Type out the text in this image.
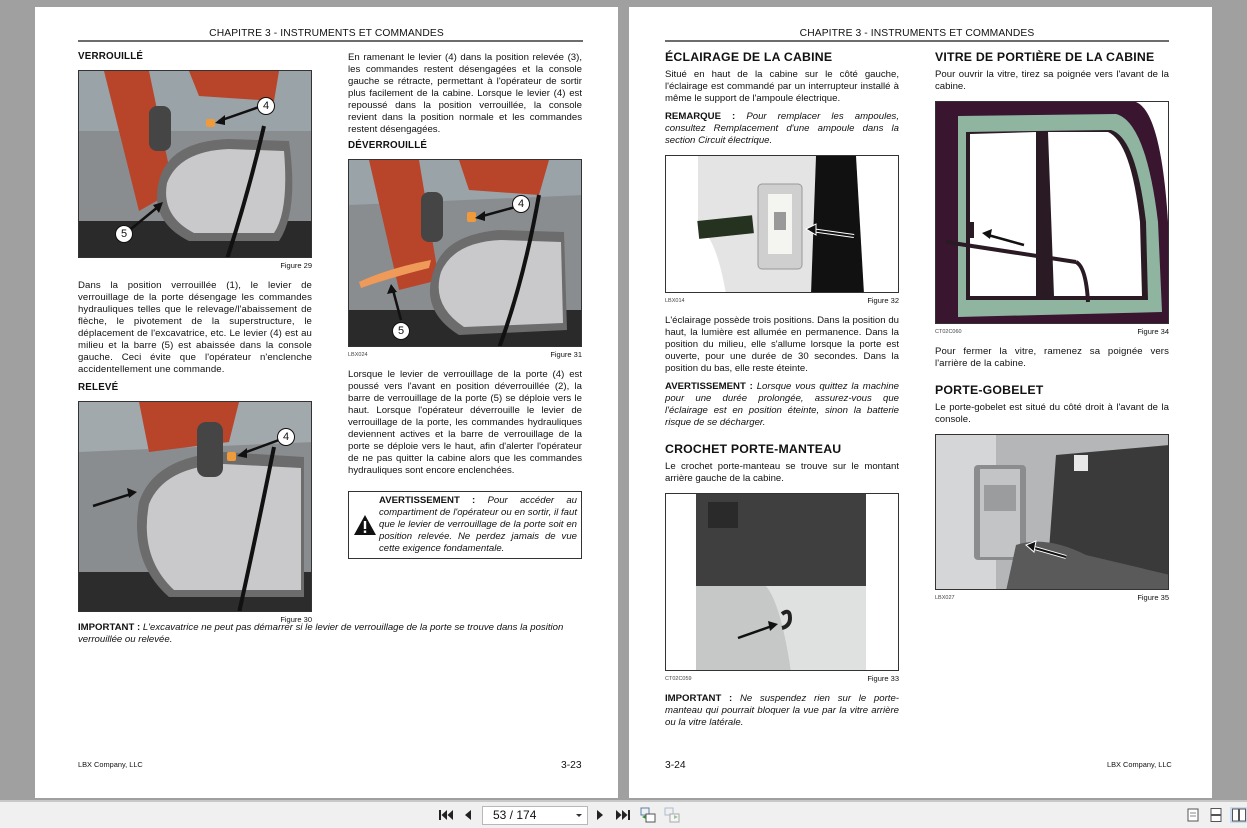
CHAPITRE 3 - INSTRUMENTS ET COMMANDES
VERROUILLÉ
4
5
Figure 29

Dans la position verrouillée (1), le levier de verrouillage de la porte désengage les commandes hydrauliques telles que le relevage/l'abaissement de flèche, le pivotement de la superstructure, le déplacement de l'excavatrice, etc. Le levier (4) est au milieu et la barre (5) est abaissée dans la console gauche. Ceci évite que l'opérateur n'enclenche accidentellement une commande.

RELEVÉ
4
Figure 30

En ramenant le levier (4) dans la position relevée (3), les commandes restent désengagées et la console gauche se rétracte, permettant à l'opérateur de sortir plus facilement de la cabine. Lorsque le levier (4) est repoussé dans la position verrouillée, la console revient dans la position normale et les commandes restent désengagées.

DÉVERROUILLÉ
4
5
LBX024	Figure 31

Lorsque le levier de verrouillage de la porte (4) est poussé vers l'avant en position déverrouillée (2), la barre de verrouillage de la porte (5) se déploie vers le haut. Lorsque l'opérateur déverrouille le levier de verrouillage de la porte, les commandes hydrauliques deviennent actives et la barre de verrouillage de la porte se déploie vers le haut, afin d'alerter l'opérateur de ne pas quitter la cabine alors que les commandes hydrauliques sont encore enclenchées.

AVERTISSEMENT : Pour accéder au compartiment de l'opérateur ou en sortir, il faut que le levier de verrouillage de la porte soit en position relevée. Ne perdez jamais de vue cette exigence fondamentale.

IMPORTANT : L'excavatrice ne peut pas démarrer si le levier de verrouillage de la porte se trouve dans la position verrouillée ou relevée.

LBX Company, LLC	3-23
CHAPITRE 3 - INSTRUMENTS ET COMMANDES
ÉCLAIRAGE DE LA CABINE

Situé en haut de la cabine sur le côté gauche, l'éclairage est commandé par un interrupteur installé à même le support de l'ampoule électrique.

REMARQUE : Pour remplacer les ampoules, consultez Remplacement d'une ampoule dans la section Circuit électrique.

LBX014	Figure 32

L'éclairage possède trois positions. Dans la position du haut, la lumière est allumée en permanence. Dans la position du milieu, elle s'allume lorsque la porte est ouverte, pour une durée de 30 secondes. Dans la position du bas, elle reste éteinte.

AVERTISSEMENT : Lorsque vous quittez la machine pour une durée prolongée, assurez-vous que l'éclairage est en position éteinte, sinon la batterie risque de se décharger.

CROCHET PORTE-MANTEAU

Le crochet porte-manteau se trouve sur le montant arrière gauche de la cabine.

CT02C059	Figure 33

IMPORTANT : Ne suspendez rien sur le porte-manteau qui pourrait bloquer la vue par la vitre arrière ou la vitre latérale.

VITRE DE PORTIÈRE DE LA CABINE

Pour ouvrir la vitre, tirez sa poignée vers l'avant de la cabine.

CT02C060	Figure 34

Pour fermer la vitre, ramenez sa poignée vers l'arrière de la cabine.

PORTE-GOBELET

Le porte-gobelet est situé du côté droit à l'avant de la console.

LBX027	Figure 35
3-24	LBX Company, LLC
53 / 174
